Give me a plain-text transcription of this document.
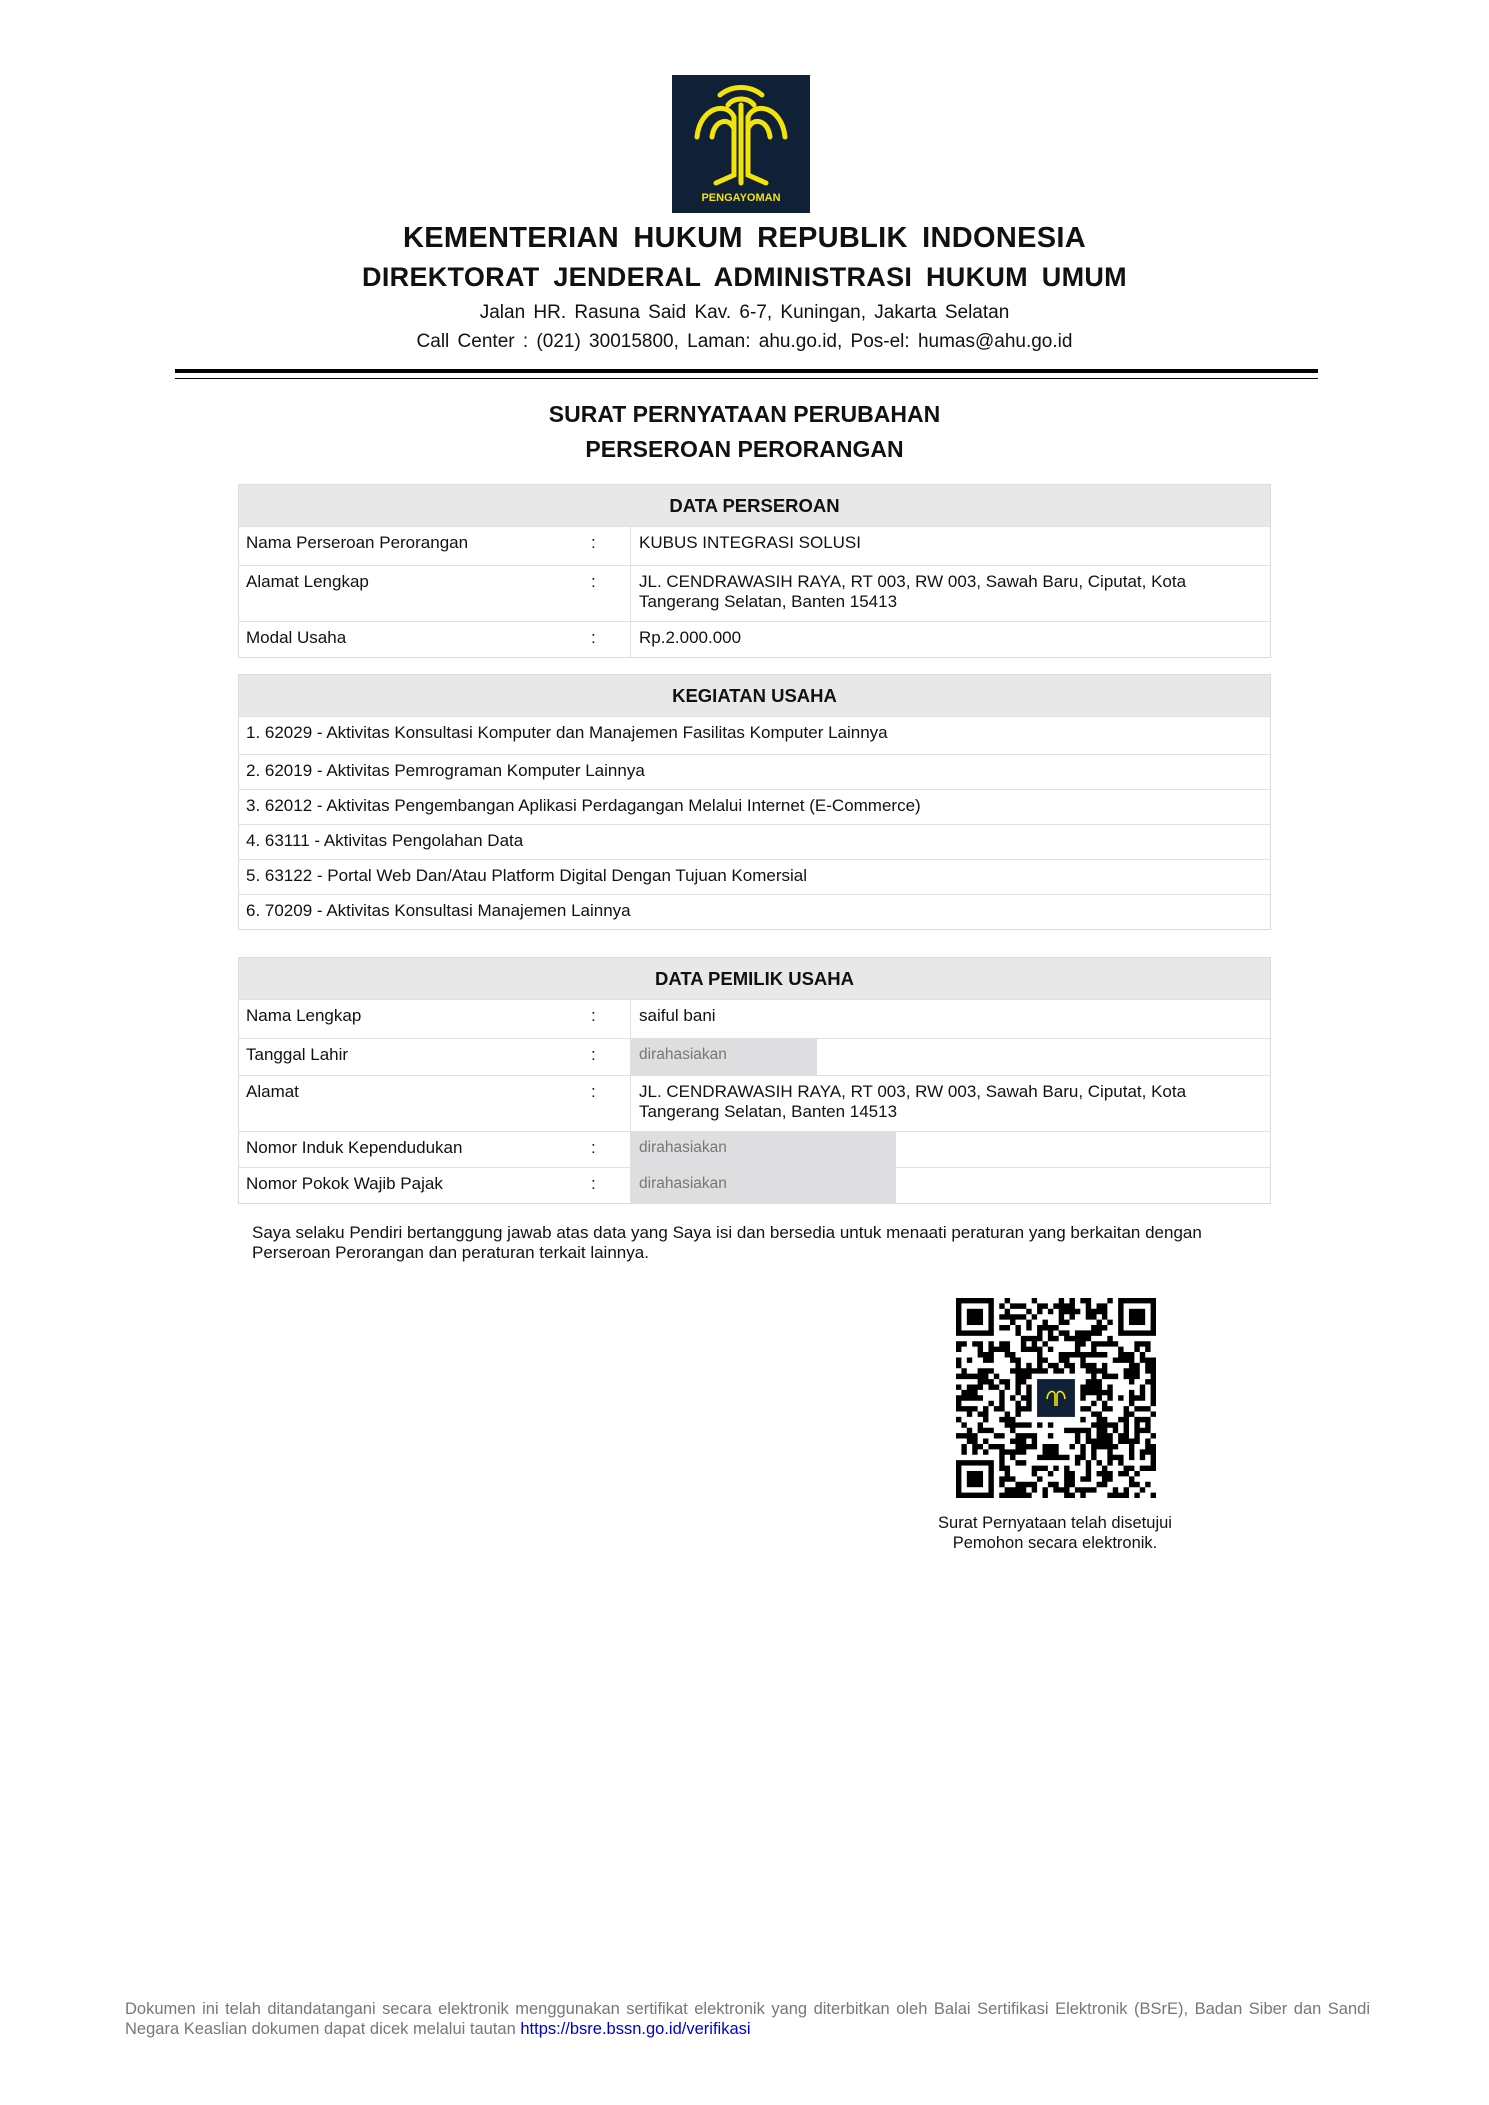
PENGAYOMAN
KEMENTERIAN HUKUM REPUBLIK INDONESIA
DIREKTORAT JENDERAL ADMINISTRASI HUKUM UMUM
Jalan HR. Rasuna Said Kav. 6-7, Kuningan, Jakarta Selatan
Call Center : (021) 30015800, Laman: ahu.go.id, Pos-el: humas@ahu.go.id
SURAT PERNYATAAN PERUBAHAN
PERSEROAN PERORANGAN
DATA PERSEROAN
Nama Perseroan Perorangan	:	KUBUS INTEGRASI SOLUSI
Alamat Lengkap	:	JL. CENDRAWASIH RAYA, RT 003, RW 003, Sawah Baru, Ciputat, Kota Tangerang Selatan, Banten 15413
Modal Usaha	:	Rp.2.000.000
KEGIATAN USAHA
1. 62029 - Aktivitas Konsultasi Komputer dan Manajemen Fasilitas Komputer Lainnya
2. 62019 - Aktivitas Pemrograman Komputer Lainnya
3. 62012 - Aktivitas Pengembangan Aplikasi Perdagangan Melalui Internet (E-Commerce)
4. 63111 - Aktivitas Pengolahan Data
5. 63122 - Portal Web Dan/Atau Platform Digital Dengan Tujuan Komersial
6. 70209 - Aktivitas Konsultasi Manajemen Lainnya
DATA PEMILIK USAHA
Nama Lengkap	:	saiful bani
Tanggal Lahir	:	dirahasiakan
Alamat	:	JL. CENDRAWASIH RAYA, RT 003, RW 003, Sawah Baru, Ciputat, Kota Tangerang Selatan, Banten 14513
Nomor Induk Kependudukan	:	dirahasiakan
Nomor Pokok Wajib Pajak	:	dirahasiakan
Saya selaku Pendiri bertanggung jawab atas data yang Saya isi dan bersedia untuk menaati peraturan yang berkaitan dengan Perseroan Perorangan dan peraturan terkait lainnya.
Surat Pernyataan telah disetujui
Pemohon secara elektronik.
Dokumen ini telah ditandatangani secara elektronik menggunakan sertifikat elektronik yang diterbitkan oleh Balai Sertifikasi Elektronik (BSrE), Badan Siber dan Sandi Negara Keaslian dokumen dapat dicek melalui tautan https://bsre.bssn.go.id/verifikasi
